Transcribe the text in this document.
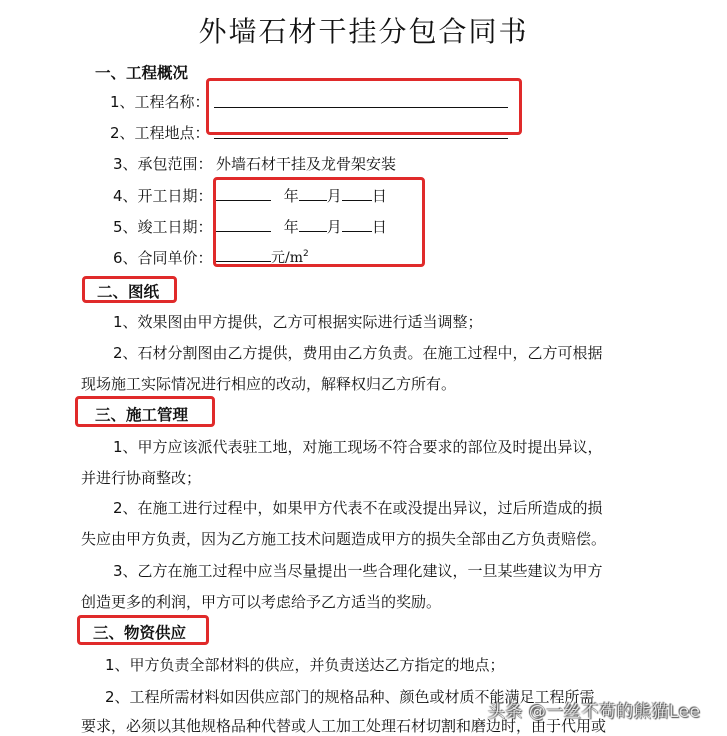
外墙石材干挂分包合同书
一、工程概况
1、工程名称：
2、工程地点：
3、承包范围： 外墙石材干挂及龙骨架安装
4、开工日期：	年 月 日
5、竣工日期：	年 月 日
6、合同单价：	元$/m^2$
二、图纸
1、效果图由甲方提供，乙方可根据实际进行适当调整；
2、石材分割图由乙方提供，费用由乙方负责。在施工过程中，乙方可根据
现场施工实际情况进行相应的改动，解释权归乙方所有。
三、施工管理
1、甲方应该派代表驻工地，对施工现场不符合要求的部位及时提出异议，
并进行协商整改；
2、在施工进行过程中，如果甲方代表不在或没提出异议，过后所造成的损
失应由甲方负责，因为乙方施工技术问题造成甲方的损失全部由乙方负责赔偿。
3、乙方在施工过程中应当尽量提出一些合理化建议，一旦某些建议为甲方
创造更多的利润，甲方可以考虑给予乙方适当的奖励。
三、物资供应
1、甲方负责全部材料的供应，并负责送达乙方指定的地点；
2、工程所需材料如因供应部门的规格品种、颜色或材质不能满足工程所需
要求，必须以其他规格品种代替或人工加工处理石材切割和磨边时，由于代用或
头条 @一丝不苟的熊猫Lee
